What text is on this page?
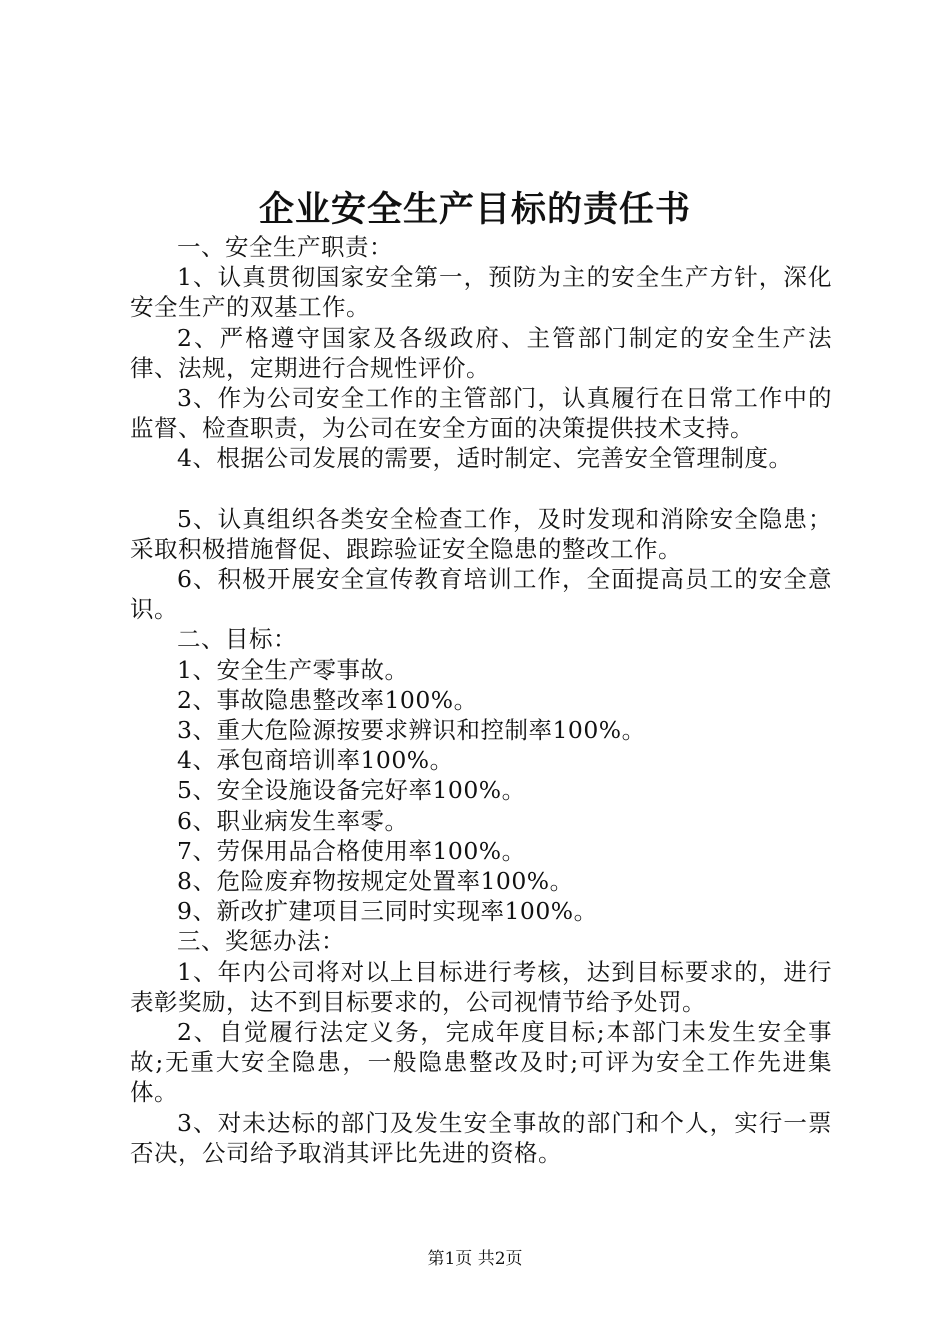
企业安全生产目标的责任书

一、安全生产职责：

1、认真贯彻国家安全第一，预防为主的安全生产方针，深化安全生产的双基工作。

2、严格遵守国家及各级政府、主管部门制定的安全生产法律、法规，定期进行合规性评价。

3、作为公司安全工作的主管部门，认真履行在日常工作中的监督、检查职责，为公司在安全方面的决策提供技术支持。

4、根据公司发展的需要，适时制定、完善安全管理制度。

5、认真组织各类安全检查工作，及时发现和消除安全隐患；采取积极措施督促、跟踪验证安全隐患的整改工作。

6、积极开展安全宣传教育培训工作，全面提高员工的安全意识。

二、目标：

1、安全生产零事故。

2、事故隐患整改率100%。

3、重大危险源按要求辨识和控制率100%。

4、承包商培训率100%。

5、安全设施设备完好率100%。

6、职业病发生率零。

7、劳保用品合格使用率100%。

8、危险废弃物按规定处置率100%。

9、新改扩建项目三同时实现率100%。

三、奖惩办法：

1、年内公司将对以上目标进行考核，达到目标要求的，进行表彰奖励，达不到目标要求的，公司视情节给予处罚。

2、自觉履行法定义务，完成年度目标;本部门未发生安全事故;无重大安全隐患，一般隐患整改及时;可评为安全工作先进集体。

3、对未达标的部门及发生安全事故的部门和个人，实行一票否决，公司给予取消其评比先进的资格。

第1页 共2页
